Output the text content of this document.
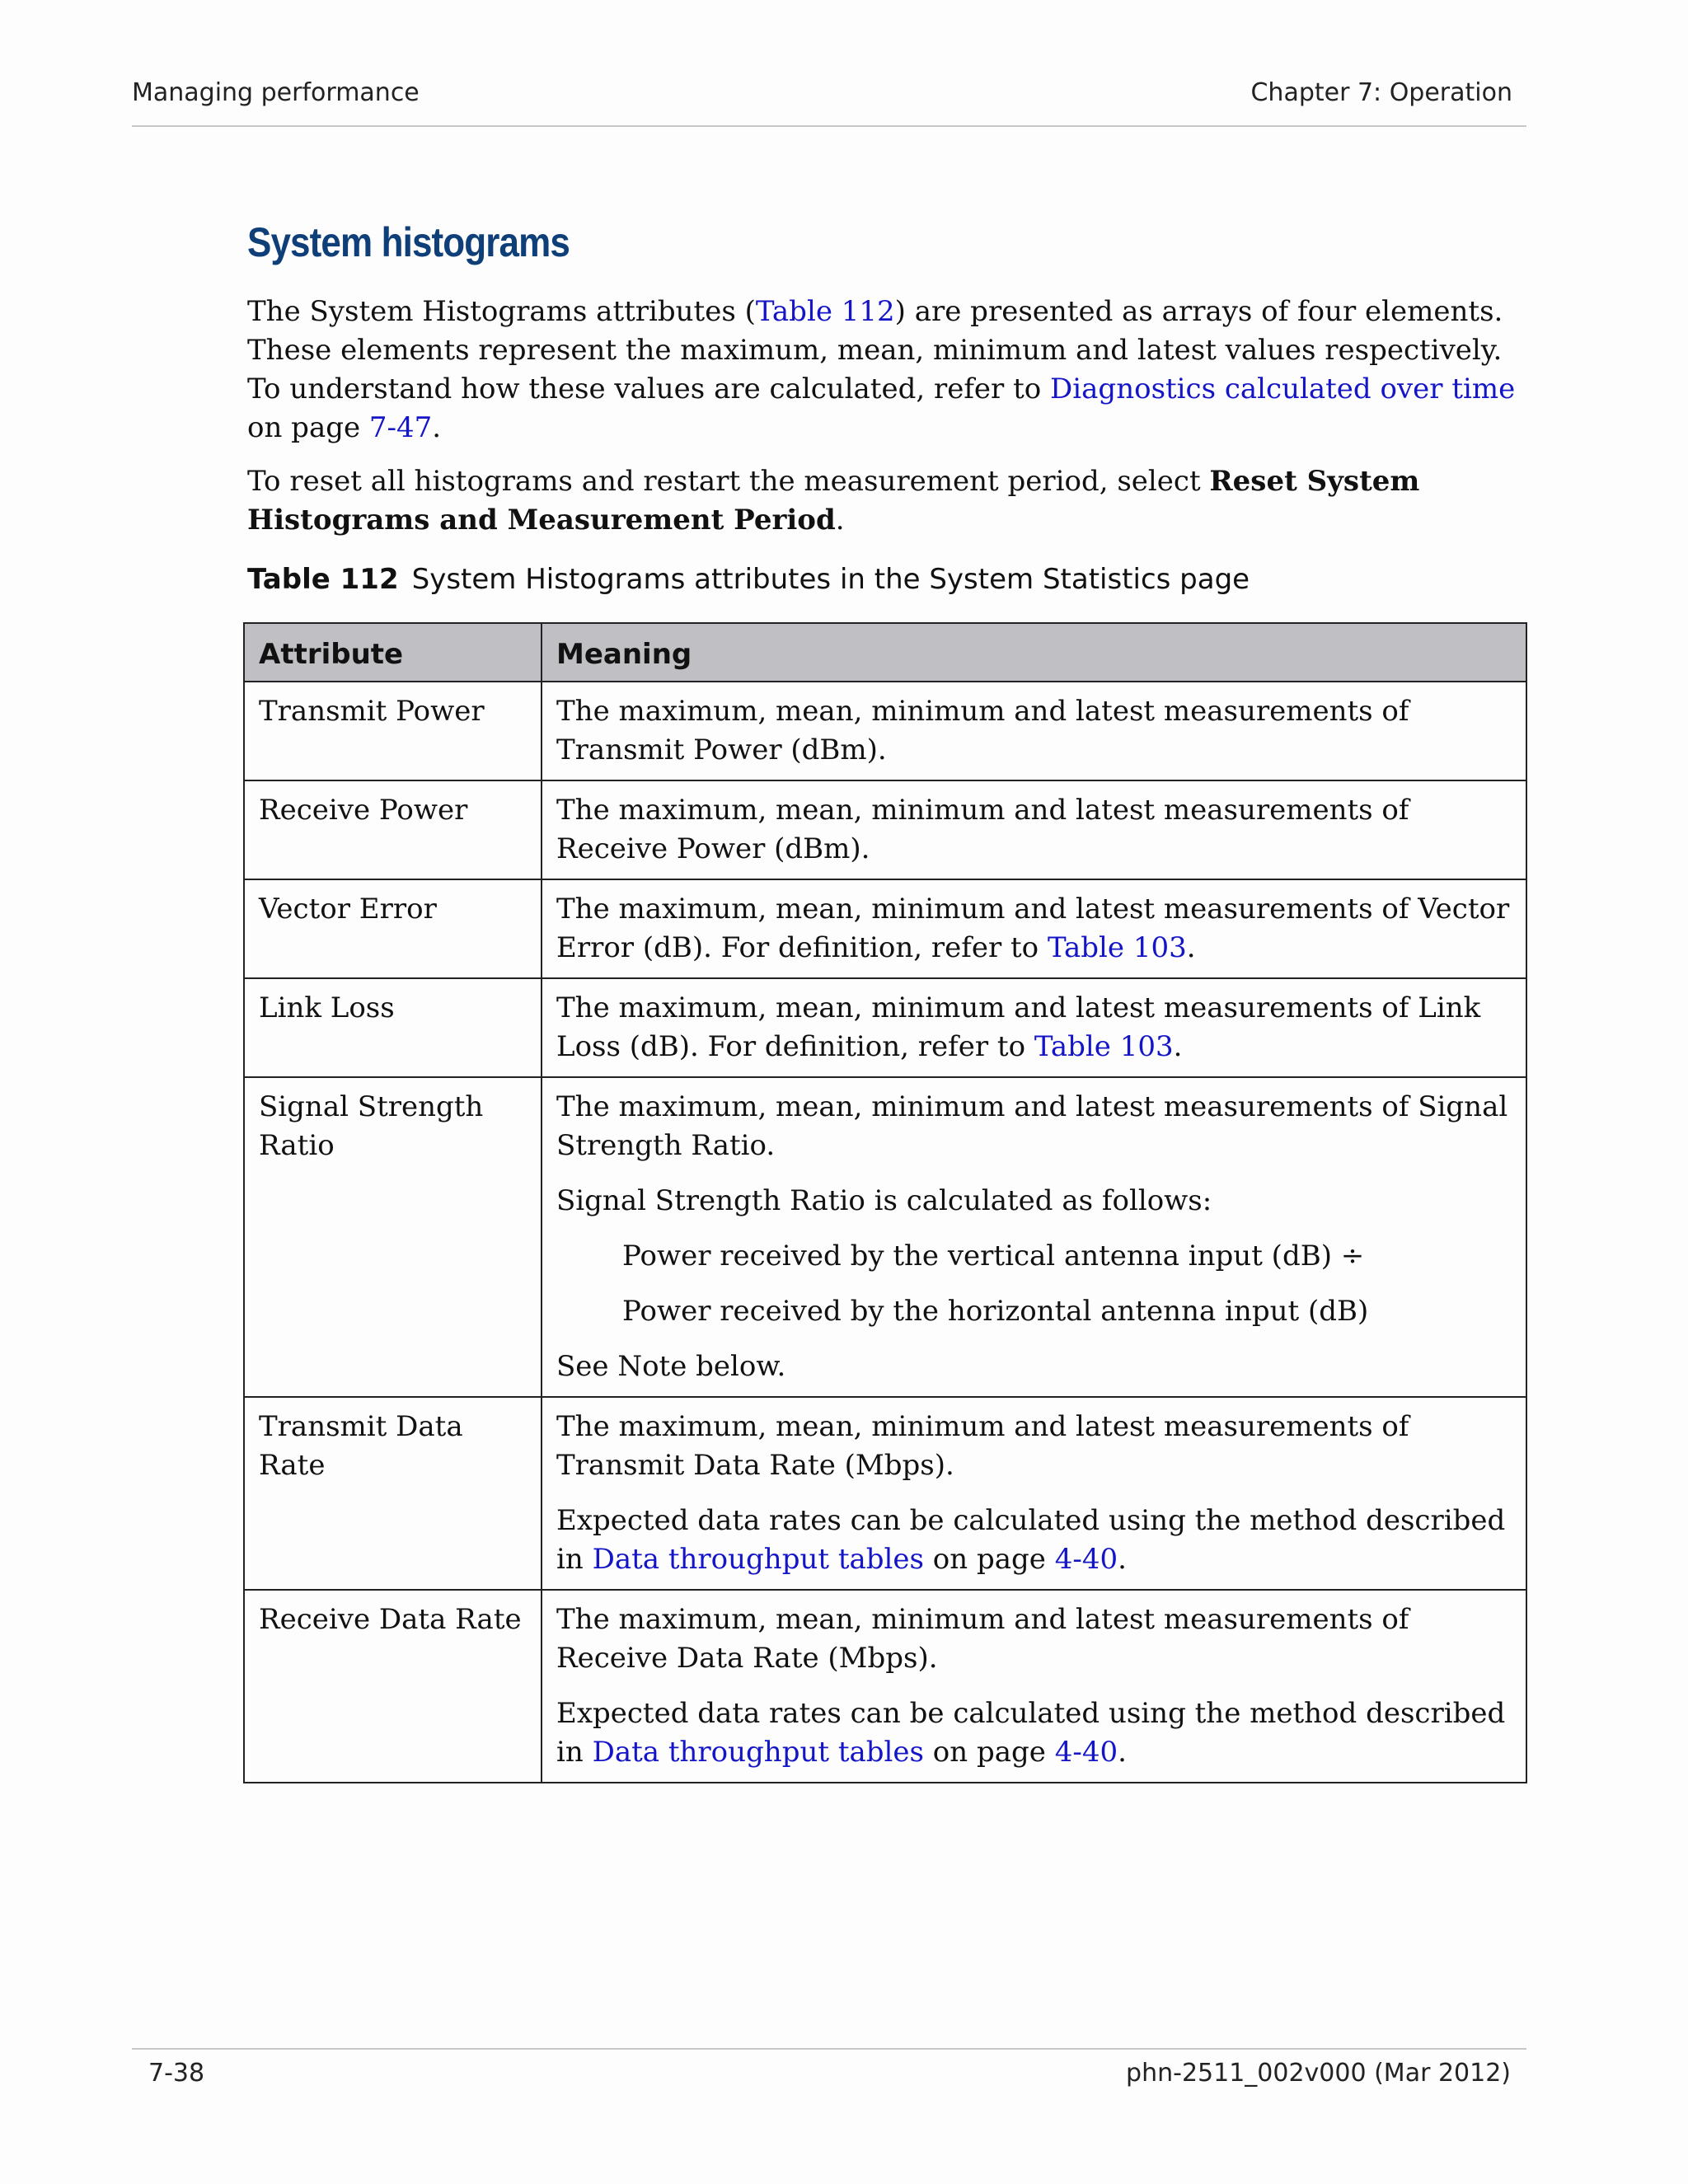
Managing performance	Chapter 7: Operation
System histograms

The System Histograms attributes (Table 112) are presented as arrays of four elements. These elements represent the maximum, mean, minimum and latest values respectively. To understand how these values are calculated, refer to Diagnostics calculated over time on page 7-47.

To reset all histograms and restart the measurement period, select Reset System Histograms and Measurement Period.

Table 112 System Histograms attributes in the System Statistics page
Attribute	Meaning
Transmit Power	The maximum, mean, minimum and latest measurements of Transmit Power (dBm).

Receive Power	The maximum, mean, minimum and latest measurements of Receive Power (dBm).

Vector Error	The maximum, mean, minimum and latest measurements of Vector Error (dB). For definition, refer to Table 103.

Link Loss	The maximum, mean, minimum and latest measurements of Link Loss (dB). For definition, refer to Table 103.

Signal Strength Ratio	The maximum, mean, minimum and latest measurements of Signal Strength Ratio.

Signal Strength Ratio is calculated as follows:

Power received by the vertical antenna input (dB) ÷

Power received by the horizontal antenna input (dB)

See Note below.

Transmit Data Rate	The maximum, mean, minimum and latest measurements of Transmit Data Rate (Mbps).

Expected data rates can be calculated using the method described in Data throughput tables on page 4-40.

Receive Data Rate	The maximum, mean, minimum and latest measurements of Receive Data Rate (Mbps).

Expected data rates can be calculated using the method described in Data throughput tables on page 4-40.

7-38	phn-2511_002v000 (Mar 2012)
